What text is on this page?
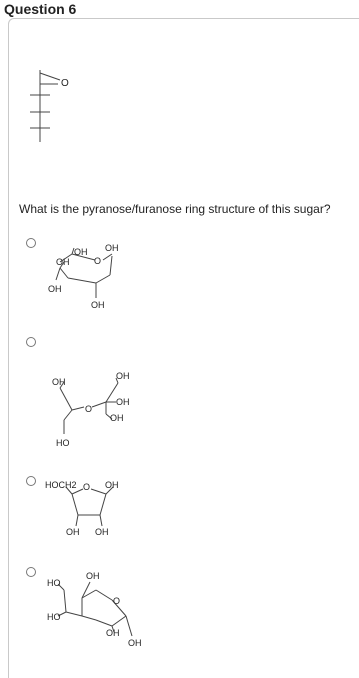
Question 6
O
What is the pyranose/furanose ring structure of this sugar?
OH
O
OH
OH
OH
OH
OH
OH
OH
OH
O
HO
HOCH2 O OH
OH OH
HO
OH
HO
O
OH
OH
